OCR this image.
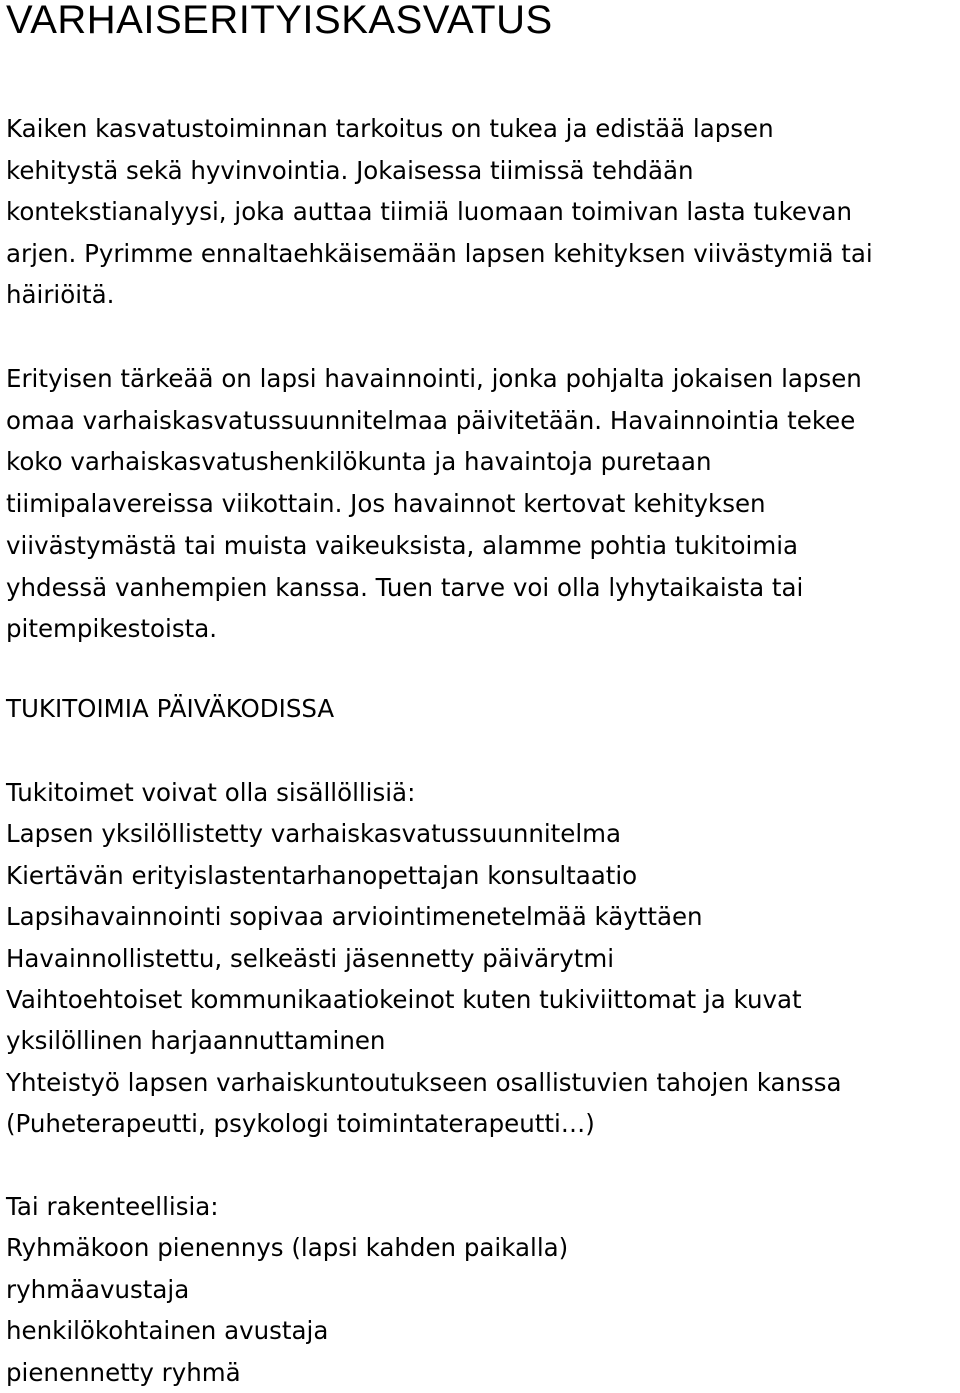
VARHAISERITYISKASVATUS

Kaiken kasvatustoiminnan tarkoitus on tukea ja edistää lapsen
kehitystä sekä hyvinvointia. Jokaisessa tiimissä tehdään
kontekstianalyysi, joka auttaa tiimiä luomaan toimivan lasta tukevan
arjen. Pyrimme ennaltaehkäisemään lapsen kehityksen viivästymiä tai
häiriöitä.

Erityisen tärkeää on lapsi havainnointi, jonka pohjalta jokaisen lapsen
omaa varhaiskasvatussuunnitelmaa päivitetään. Havainnointia tekee
koko varhaiskasvatushenkilökunta ja havaintoja puretaan
tiimipalavereissa viikottain. Jos havainnot kertovat kehityksen
viivästymästä tai muista vaikeuksista, alamme pohtia tukitoimia
yhdessä vanhempien kanssa. Tuen tarve voi olla lyhytaikaista tai
pitempikestoista.

TUKITOIMIA PÄIVÄKODISSA
Tukitoimet voivat olla sisällöllisiä:
Lapsen yksilöllistetty varhaiskasvatussuunnitelma
Kiertävän erityislastentarhanopettajan konsultaatio
Lapsihavainnointi sopivaa arviointimenetelmää käyttäen
Havainnollistettu, selkeästi jäsennetty päivärytmi
Vaihtoehtoiset kommunikaatiokeinot kuten tukiviittomat ja kuvat
yksilöllinen harjaannuttaminen
Yhteistyö lapsen varhaiskuntoutukseen osallistuvien tahojen kanssa
(Puheterapeutti, psykologi toimintaterapeutti…)
Tai rakenteellisia:
Ryhmäkoon pienennys (lapsi kahden paikalla)
ryhmäavustaja
henkilökohtainen avustaja
pienennetty ryhmä
